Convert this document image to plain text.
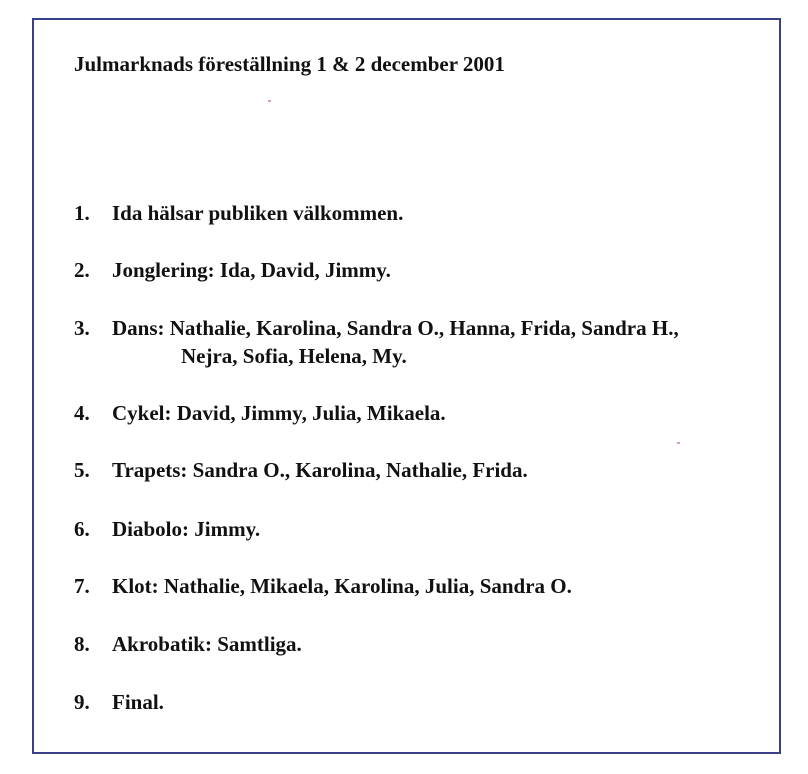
Julmarknads föreställning 1 & 2 december 2001
1. Ida hälsar publiken välkommen.
2. Jonglering: Ida, David, Jimmy.
3. Dans: Nathalie, Karolina, Sandra O., Hanna, Frida, Sandra H.,
Nejra, Sofia, Helena, My.
4. Cykel: David, Jimmy, Julia, Mikaela.
5. Trapets: Sandra O., Karolina, Nathalie, Frida.
6. Diabolo: Jimmy.
7. Klot: Nathalie, Mikaela, Karolina, Julia, Sandra O.
8. Akrobatik: Samtliga.
9. Final.
